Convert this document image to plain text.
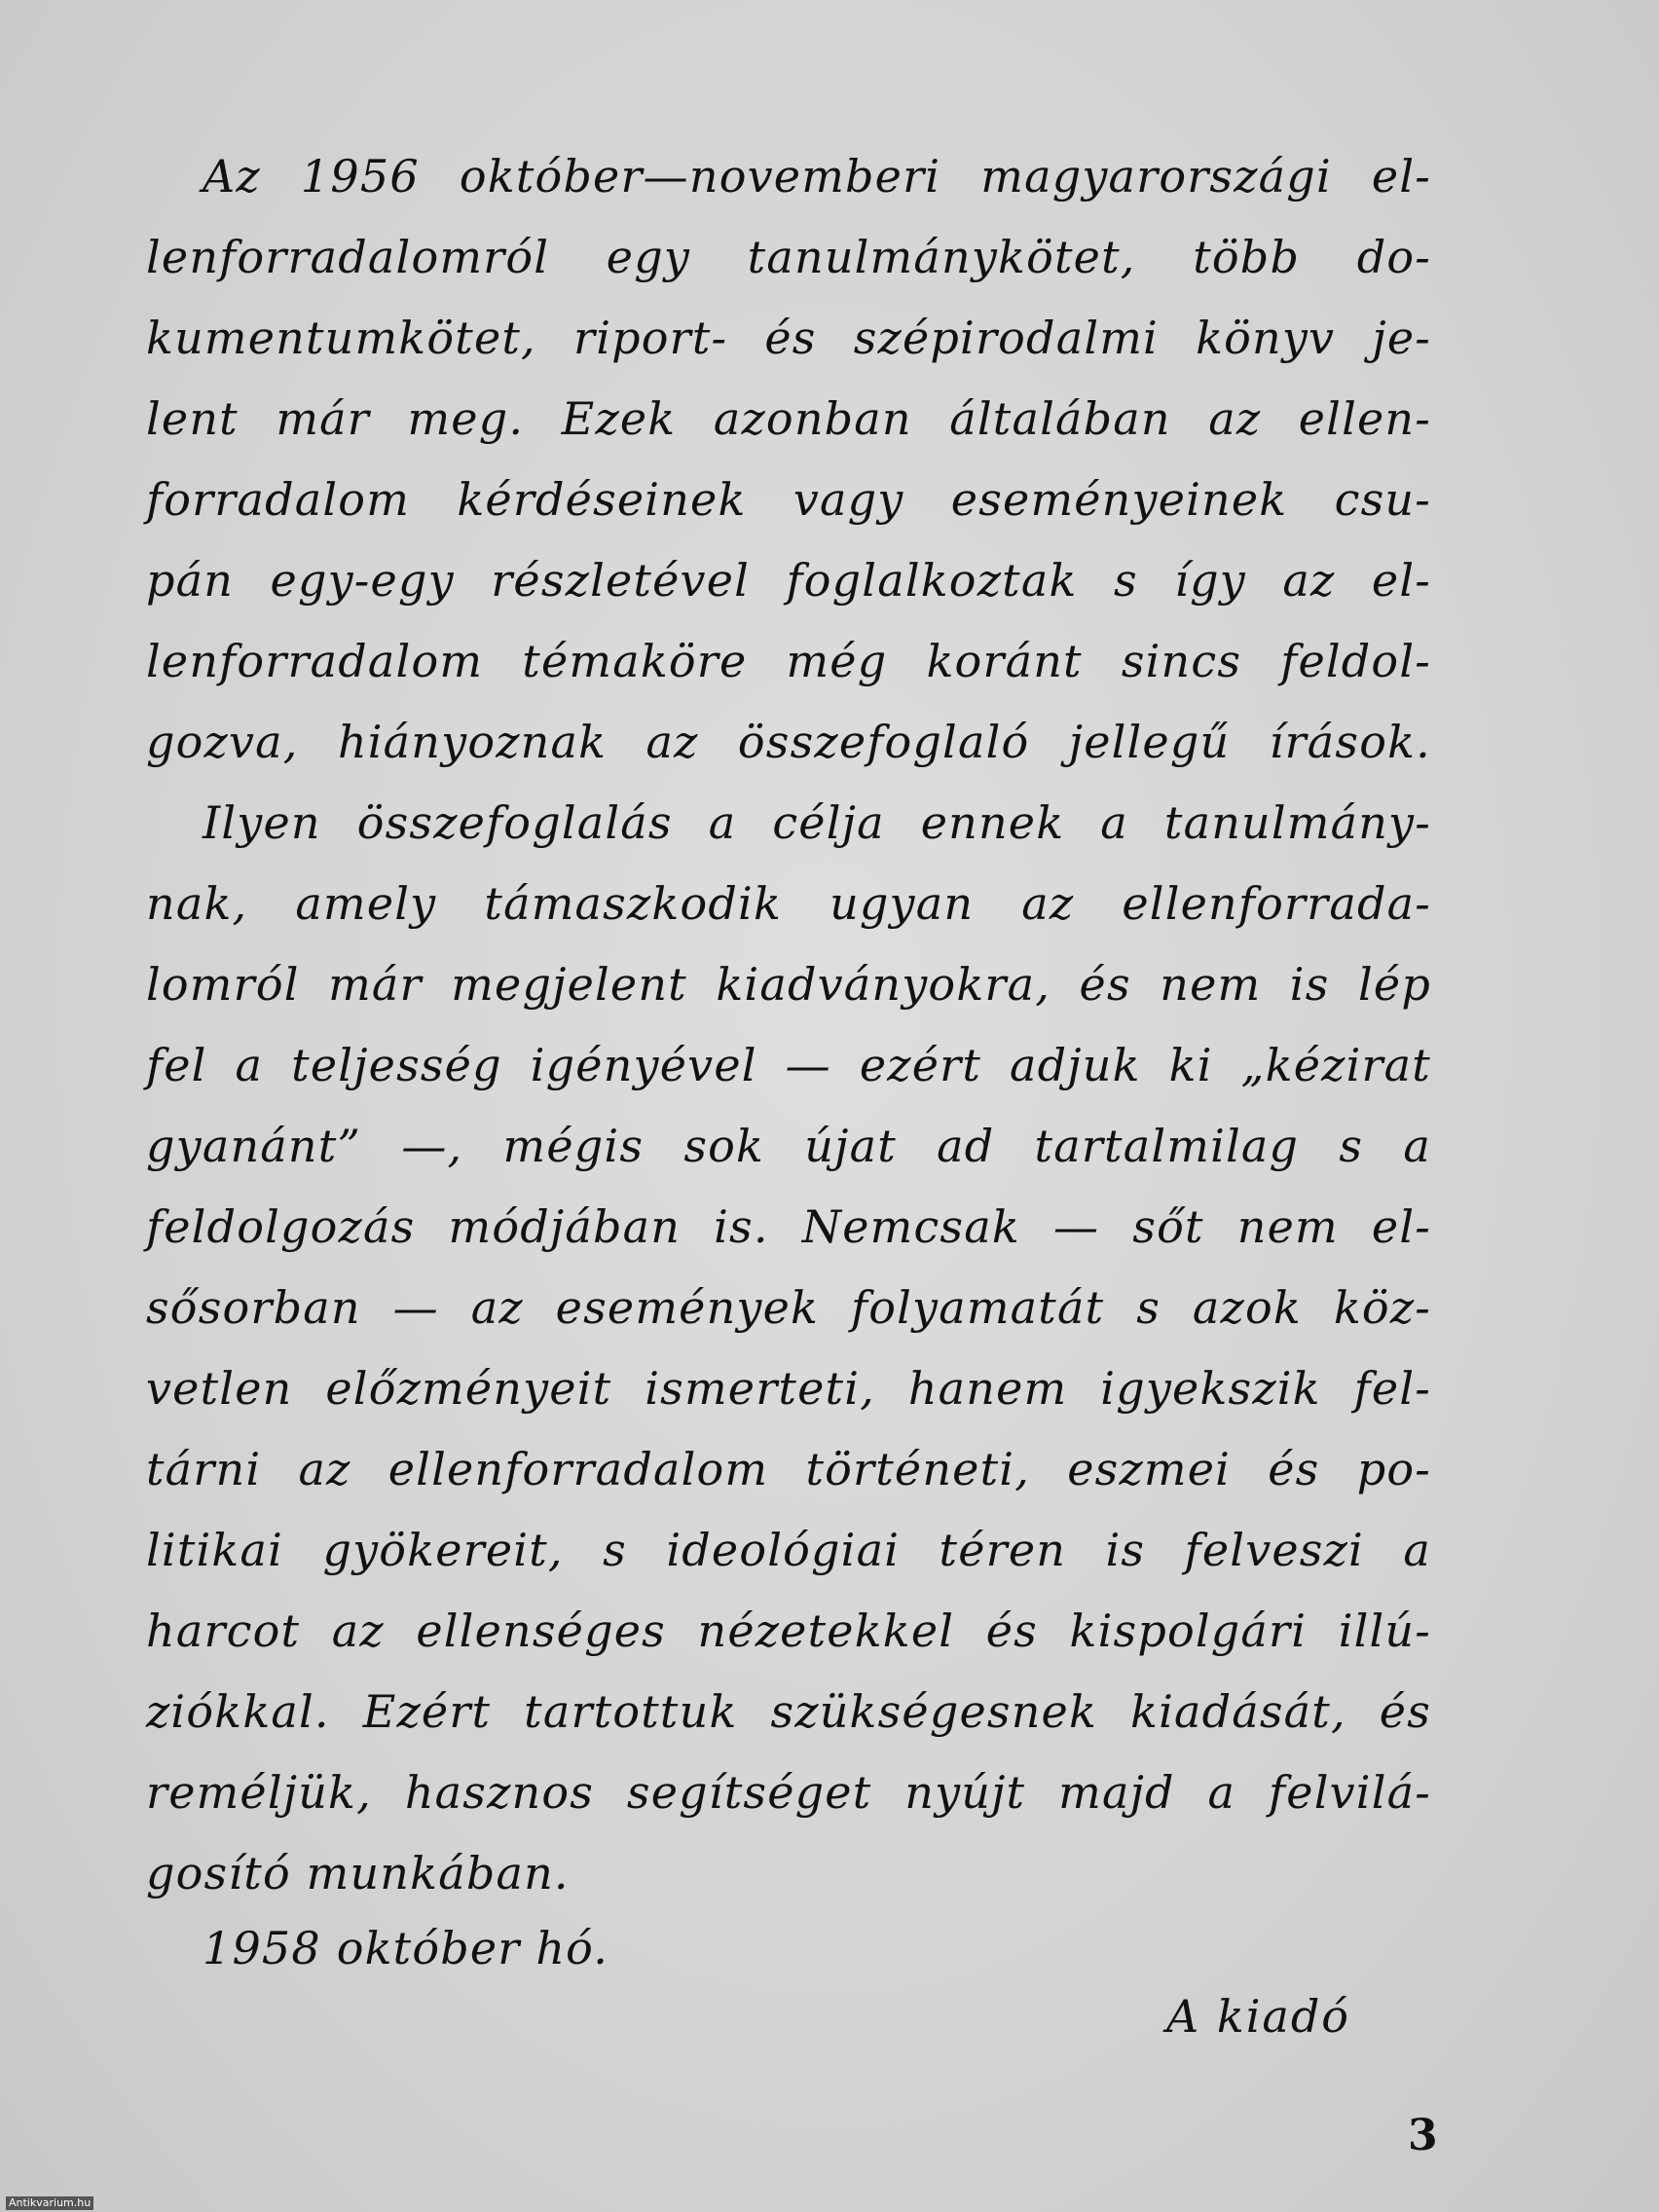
Az 1956 október—novemberi magyarországi el-
lenforradalomról egy tanulmánykötet, több do-
kumentumkötet, riport- és szépirodalmi könyv je-
lent már meg. Ezek azonban általában az ellen-
forradalom kérdéseinek vagy eseményeinek csu-
pán egy-egy részletével foglalkoztak s így az el-
lenforradalom témaköre még koránt sincs feldol-
gozva, hiányoznak az összefoglaló jellegű írások.
Ilyen összefoglalás a célja ennek a tanulmány-
nak, amely támaszkodik ugyan az ellenforrada-
lomról már megjelent kiadványokra, és nem is lép
fel a teljesség igényével — ezért adjuk ki „kézirat
gyanánt” —, mégis sok újat ad tartalmilag s a
feldolgozás módjában is. Nemcsak — sőt nem el-
sősorban — az események folyamatát s azok köz-
vetlen előzményeit ismerteti, hanem igyekszik fel-
tárni az ellenforradalom történeti, eszmei és po-
litikai gyökereit, s ideológiai téren is felveszi a
harcot az ellenséges nézetekkel és kispolgári illú-
ziókkal. Ezért tartottuk szükségesnek kiadását, és
reméljük, hasznos segítséget nyújt majd a felvilá-
gosító munkában.
1958 október hó.
A kiadó
3
Antikvarium.hu
